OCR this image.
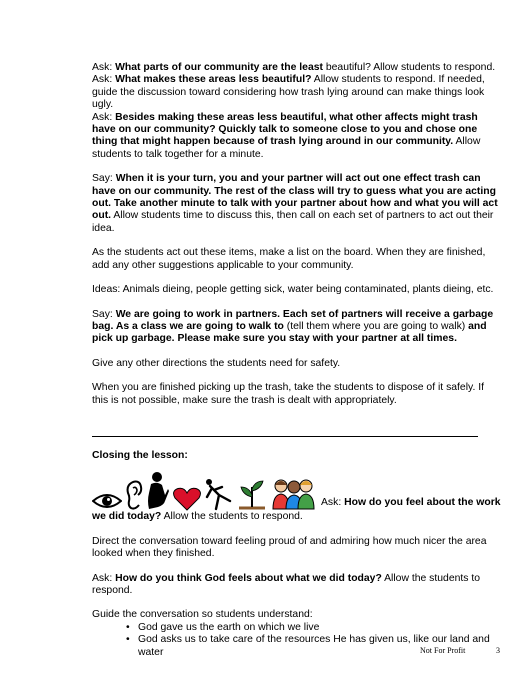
Ask: What parts of our community are the least beautiful? Allow students to respond.
Ask: What makes these areas less beautiful? Allow students to respond. If needed, guide the discussion toward considering how trash lying around can make things look ugly.
Ask: Besides making these areas less beautiful, what other affects might trash have on our community? Quickly talk to someone close to you and chose one thing that might happen because of trash lying around in our community. Allow students to talk together for a minute.
Say: When it is your turn, you and your partner will act out one effect trash can have on our community. The rest of the class will try to guess what you are acting out. Take another minute to talk with your partner about how and what you will act out. Allow students time to discuss this, then call on each set of partners to act out their idea.
As the students act out these items, make a list on the board. When they are finished, add any other suggestions applicable to your community.
Ideas: Animals dieing, people getting sick, water being contaminated, plants dieing, etc.
Say: We are going to work in partners. Each set of partners will receive a garbage bag. As a class we are going to walk to (tell them where you are going to walk) and pick up garbage. Please make sure you stay with your partner at all times.
Give any other directions the students need for safety.
When you are finished picking up the trash, take the students to dispose of it safely. If this is not possible, make sure the trash is dealt with appropriately.
Closing the lesson:
Ask: How do you feel about the work
we did today? Allow the students to respond.
Direct the conversation toward feeling proud of and admiring how much nicer the area looked when they finished.
Ask: How do you think God feels about what we did today? Allow the students to respond.
Guide the conversation so students understand:
• God gave us the earth on which we live
• God asks us to take care of the resources He has given us, like our land and water	Not For Profit	3
